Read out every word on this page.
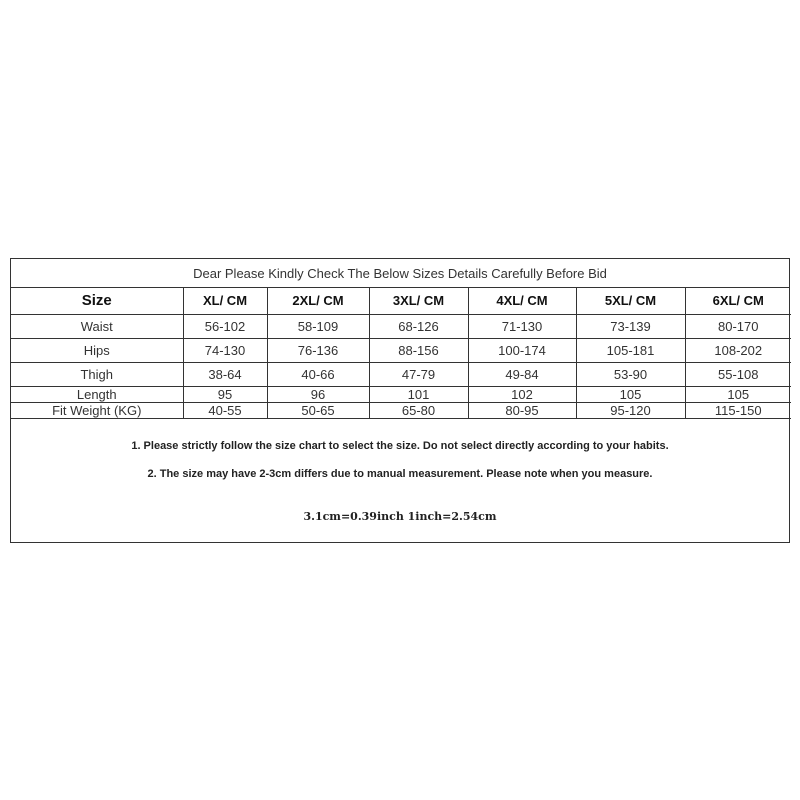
Dear Please Kindly Check The Below Sizes Details Carefully Before Bid
Size	XL/ CM	2XL/ CM	3XL/ CM	4XL/ CM	5XL/ CM	6XL/ CM
Waist	56-102	58-109	68-126	71-130	73-139	80-170
Hips	74-130	76-136	88-156	100-174	105-181	108-202
Thigh	38-64	40-66	47-79	49-84	53-90	55-108
Length	95	96	101	102	105	105
Fit Weight (KG)	40-55	50-65	65-80	80-95	95-120	115-150
1. Please strictly follow the size chart to select the size. Do not select directly according to your habits.
2. The size may have 2-3cm differs due to manual measurement. Please note when you measure.
3.1cm=0.39inch 1inch=2.54cm
